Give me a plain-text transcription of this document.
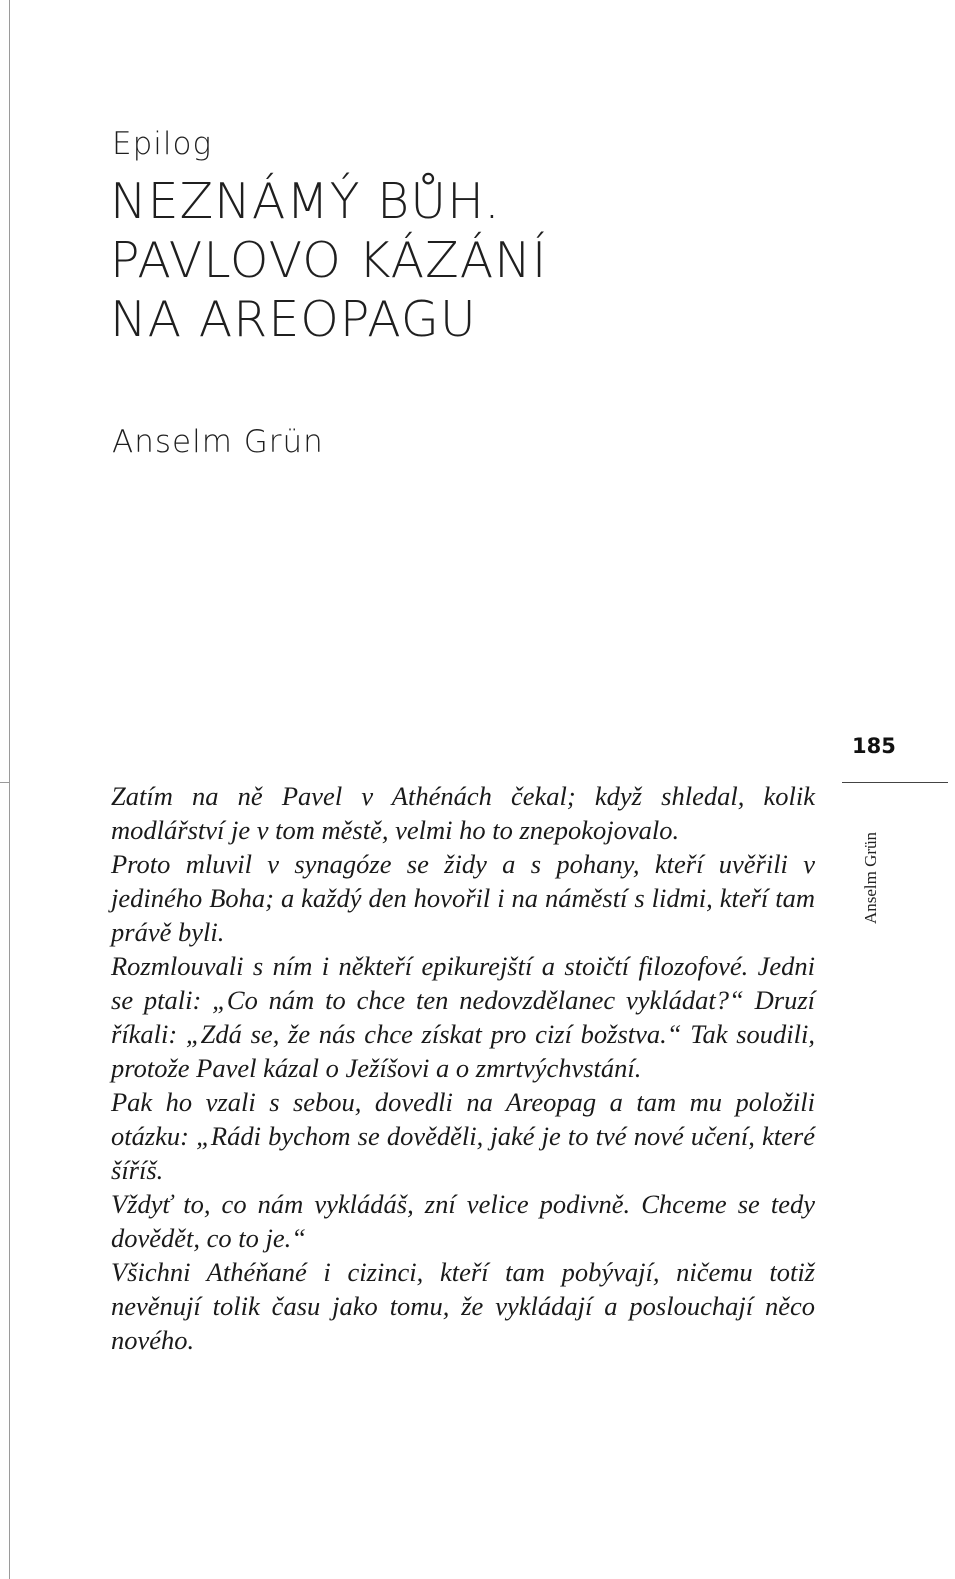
Epilog
NEZNÁMÝ BŮH.
PAVLOVO KÁZÁNÍ
NA AREOPAGU
Anselm Grün
185
Anselm Grün
Zatím na ně Pavel v Athénách čekal; když shledal, kolik modlářství je v tom městě, velmi ho to znepokojovalo.
Proto mluvil v synagóze se židy a s pohany, kteří uvěřili v jediného Boha; a každý den hovořil i na náměstí s lidmi, kteří tam právě byli.
Rozmlouvali s ním i někteří epikurejští a stoičtí filozofové. Jedni se ptali: „Co nám to chce ten nedovzdělanec vykládat?“ Druzí říkali: „Zdá se, že nás chce získat pro cizí božstva.“ Tak soudili, protože Pavel kázal o Ježíšovi a o zmrtvýchvstání.
Pak ho vzali s sebou, dovedli na Areopag a tam mu položili otázku: „Rádi bychom se dověděli, jaké je to tvé nové učení, které šíříš.
Vždyť to, co nám vykládáš, zní velice podivně. Chceme se tedy dovědět, co to je.“
Všichni Athéňané i cizinci, kteří tam pobývají, ničemu totiž nevěnují tolik času jako tomu, že vykládají a poslouchají něco nového.
